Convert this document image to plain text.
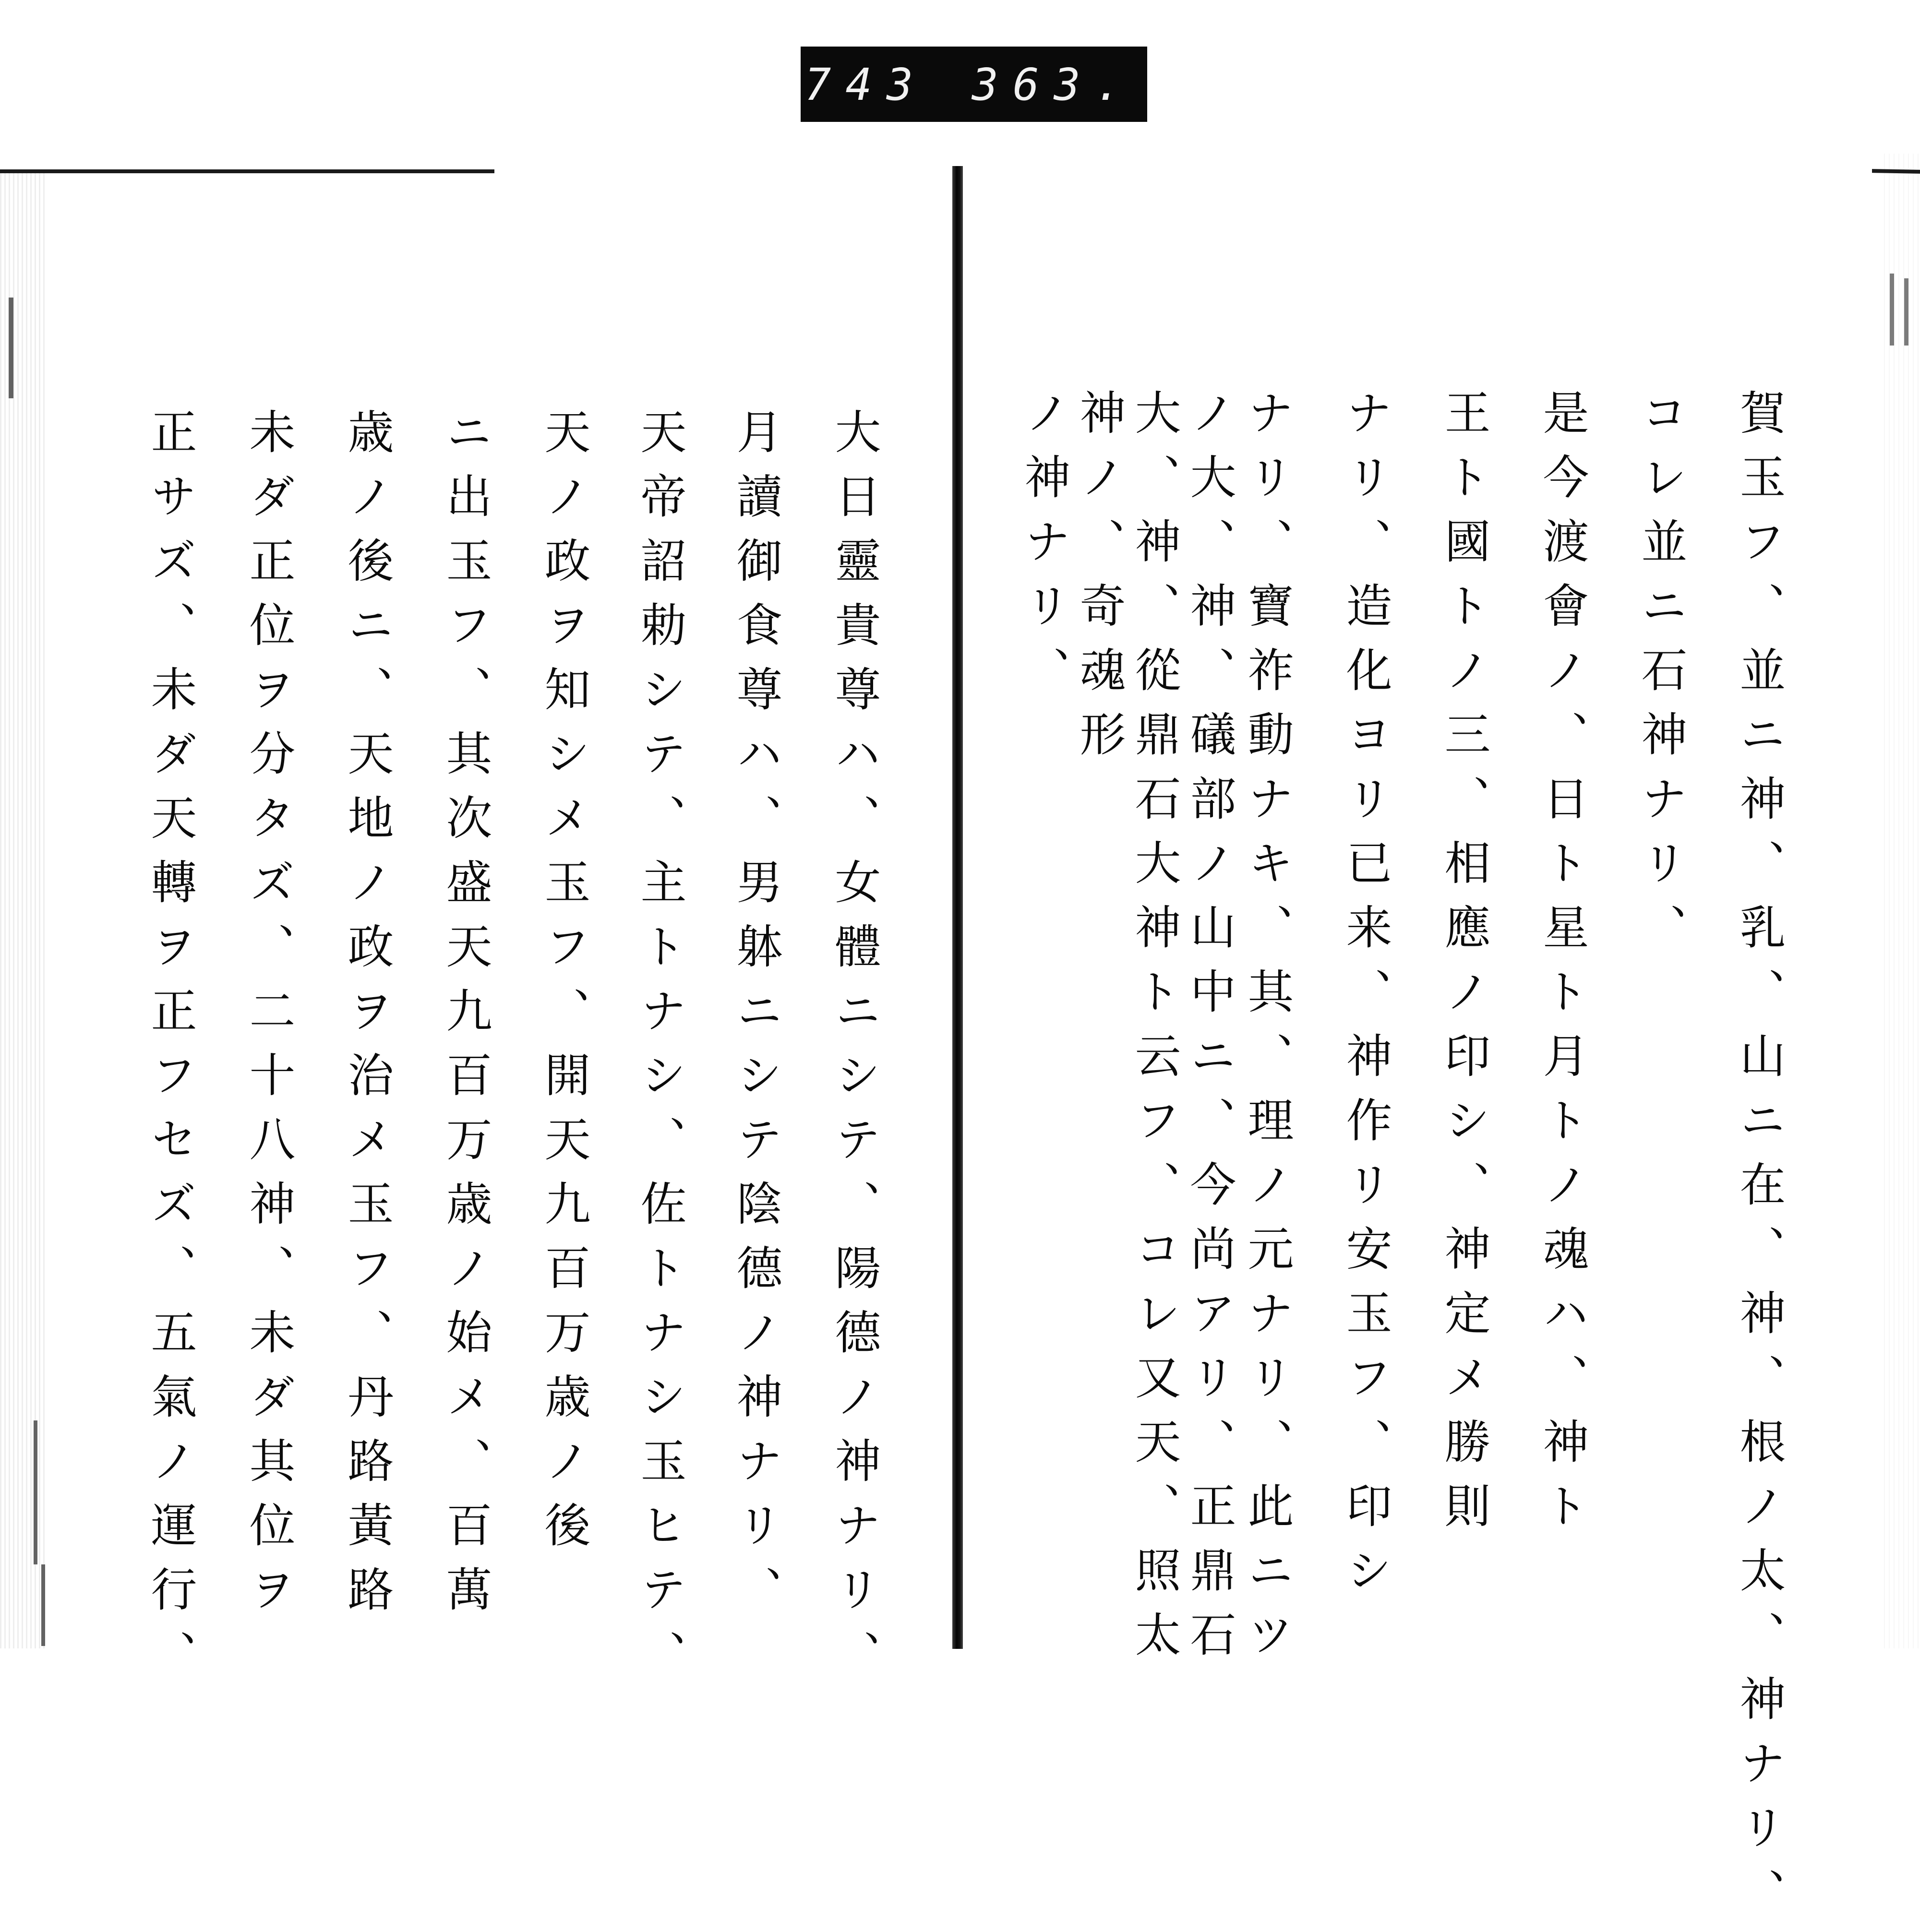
743 363.
賀玉フ、並ニ神、乳、山ニ在、神、根ノ太、神ナリ、
コレ並ニ石神ナリ、
是今渡會ノ、日ト星ト月トノ魂ハ、神ト
王ト國トノ三、相應ノ印シ、神定メ勝則
ナリ、造化ヨリ已来、神作リ安玉フ、印シ
ナリ、寶祚動ナキ、其、理ノ元ナリ、此ニツ
ノ大、神、礒部ノ山中ニ、今尚アリ、正鼎石
大、神、從鼎石大神ト云フ、コレ又天、照太
神ノ、奇魂形
ノ神ナリ、
大日靈貴尊ハ、女體ニシテ、陽德ノ神ナリ、
月讀御食尊ハ、男躰ニシテ陰德ノ神ナリ、
天帝詔勅シテ、主トナシ、佐トナシ玉ヒテ、
天ノ政ヲ知シメ玉フ、開天九百万歳ノ後
ニ出玉フ、其次盛天九百万歳ノ始メ、百萬
歳ノ後ニ、天地ノ政ヲ治メ玉フ、丹路黃路
未ダ正位ヲ分タズ、二十八神、未ダ其位ヲ
正サズ、未ダ天轉ヲ正フセズ、五氣ノ運行、
